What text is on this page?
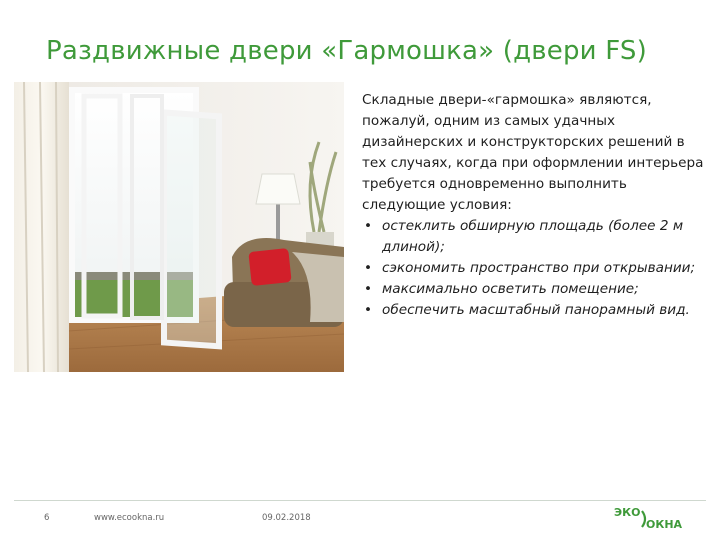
Раздвижные двери «Гармошка» (двери FS)

Складные двери-«гармошка» являются, пожалуй, одним из самых удачных дизайнерских и конструкторских решений в тех случаях, когда при оформлении интерьера требуется одновременно выполнить следующие условия:

• остеклить обширную площадь (более 2 м длиной);
• сэкономить пространство при открывании;
• максимально осветить помещение;
• обеспечить масштабный панорамный вид.
6	www.ecookna.ru	09.02.2018	ЭКО
ОКНА
